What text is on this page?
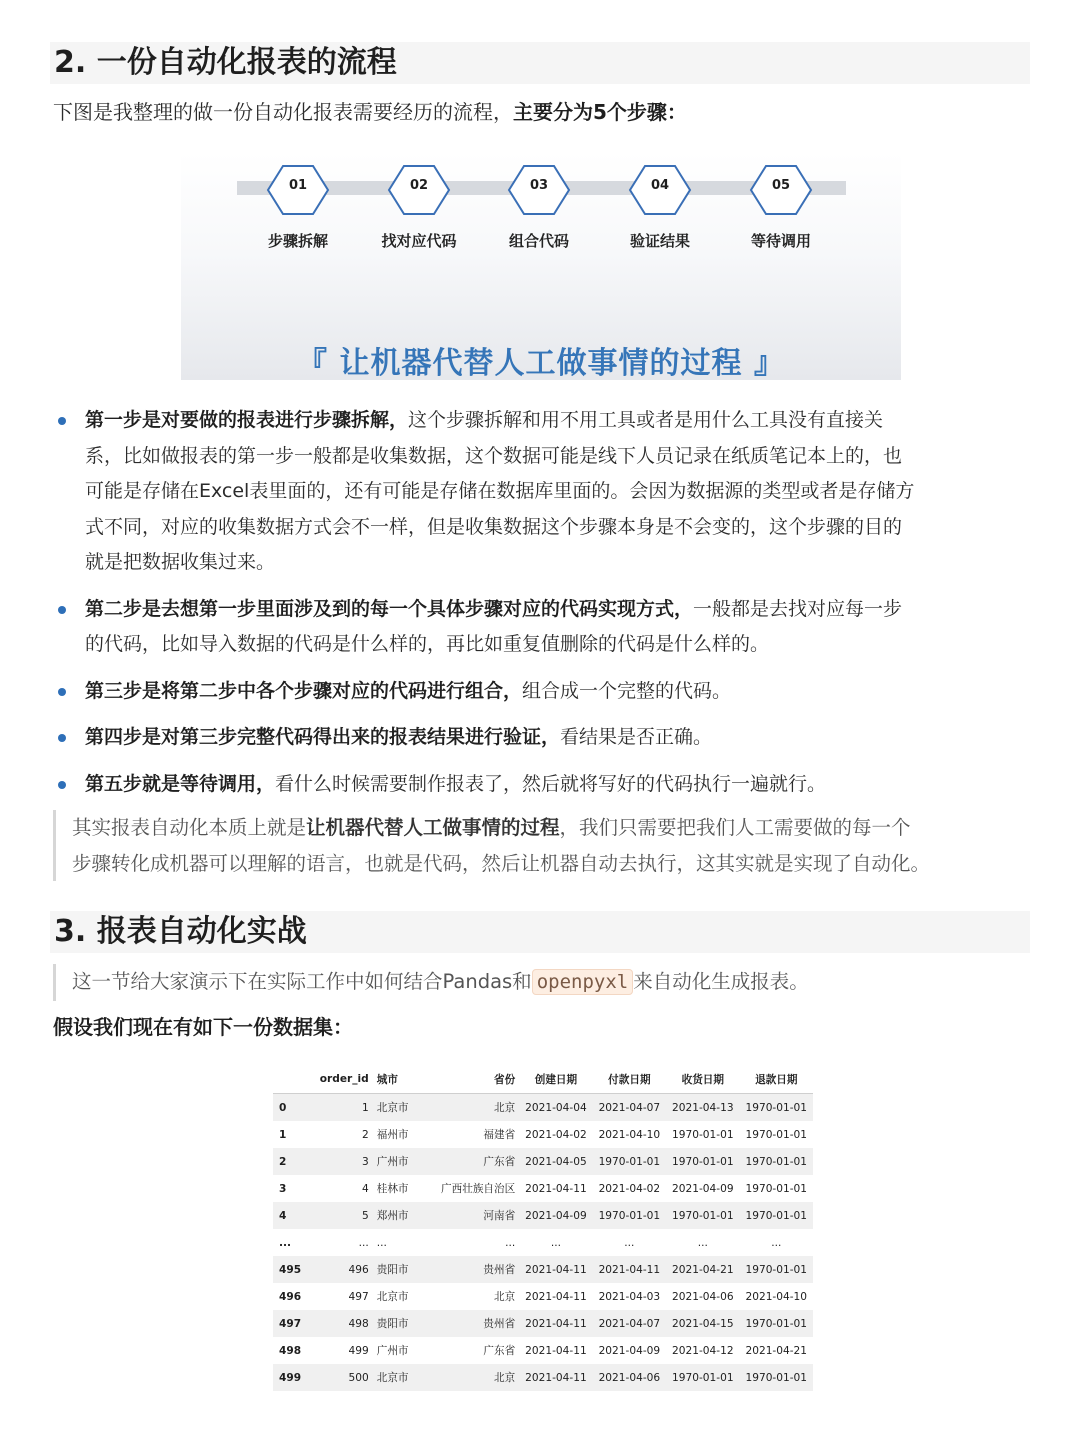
2. 一份自动化报表的流程
下图是我整理的做一份自动化报表需要经历的流程，主要分为5个步骤：
01
步骤拆解
02
找对应代码
03
组合代码
04
验证结果
05
等待调用
『 让机器代替人工做事情的过程 』
第一步是对要做的报表进行步骤拆解，这个步骤拆解和用不用工具或者是用什么工具没有直接关
系，比如做报表的第一步一般都是收集数据，这个数据可能是线下人员记录在纸质笔记本上的，也
可能是存储在Excel表里面的，还有可能是存储在数据库里面的。会因为数据源的类型或者是存储方
式不同，对应的收集数据方式会不一样，但是收集数据这个步骤本身是不会变的，这个步骤的目的
就是把数据收集过来。
第二步是去想第一步里面涉及到的每一个具体步骤对应的代码实现方式，一般都是去找对应每一步
的代码，比如导入数据的代码是什么样的，再比如重复值删除的代码是什么样的。
第三步是将第二步中各个步骤对应的代码进行组合，组合成一个完整的代码。
第四步是对第三步完整代码得出来的报表结果进行验证，看结果是否正确。
第五步就是等待调用，看什么时候需要制作报表了，然后就将写好的代码执行一遍就行。
其实报表自动化本质上就是让机器代替人工做事情的过程，我们只需要把我们人工需要做的每一个
步骤转化成机器可以理解的语言，也就是代码，然后让机器自动去执行，这其实就是实现了自动化。
3. 报表自动化实战
这一节给大家演示下在实际工作中如何结合Pandas和 openpyxl 来自动化生成报表。
假设我们现在有如下一份数据集：
	order_id	城市	省份	创建日期	付款日期	收货日期	退款日期
0	1	北京市	北京	2021-04-04	2021-04-07	2021-04-13	1970-01-01
1	2	福州市	福建省	2021-04-02	2021-04-10	1970-01-01	1970-01-01
2	3	广州市	广东省	2021-04-05	1970-01-01	1970-01-01	1970-01-01
3	4	桂林市	广西壮族自治区	2021-04-11	2021-04-02	2021-04-09	1970-01-01
4	5	郑州市	河南省	2021-04-09	1970-01-01	1970-01-01	1970-01-01
...	...	...	...	...	...	...	...
495	496	贵阳市	贵州省	2021-04-11	2021-04-11	2021-04-21	1970-01-01
496	497	北京市	北京	2021-04-11	2021-04-03	2021-04-06	2021-04-10
497	498	贵阳市	贵州省	2021-04-11	2021-04-07	2021-04-15	1970-01-01
498	499	广州市	广东省	2021-04-11	2021-04-09	2021-04-12	2021-04-21
499	500	北京市	北京	2021-04-11	2021-04-06	1970-01-01	1970-01-01
